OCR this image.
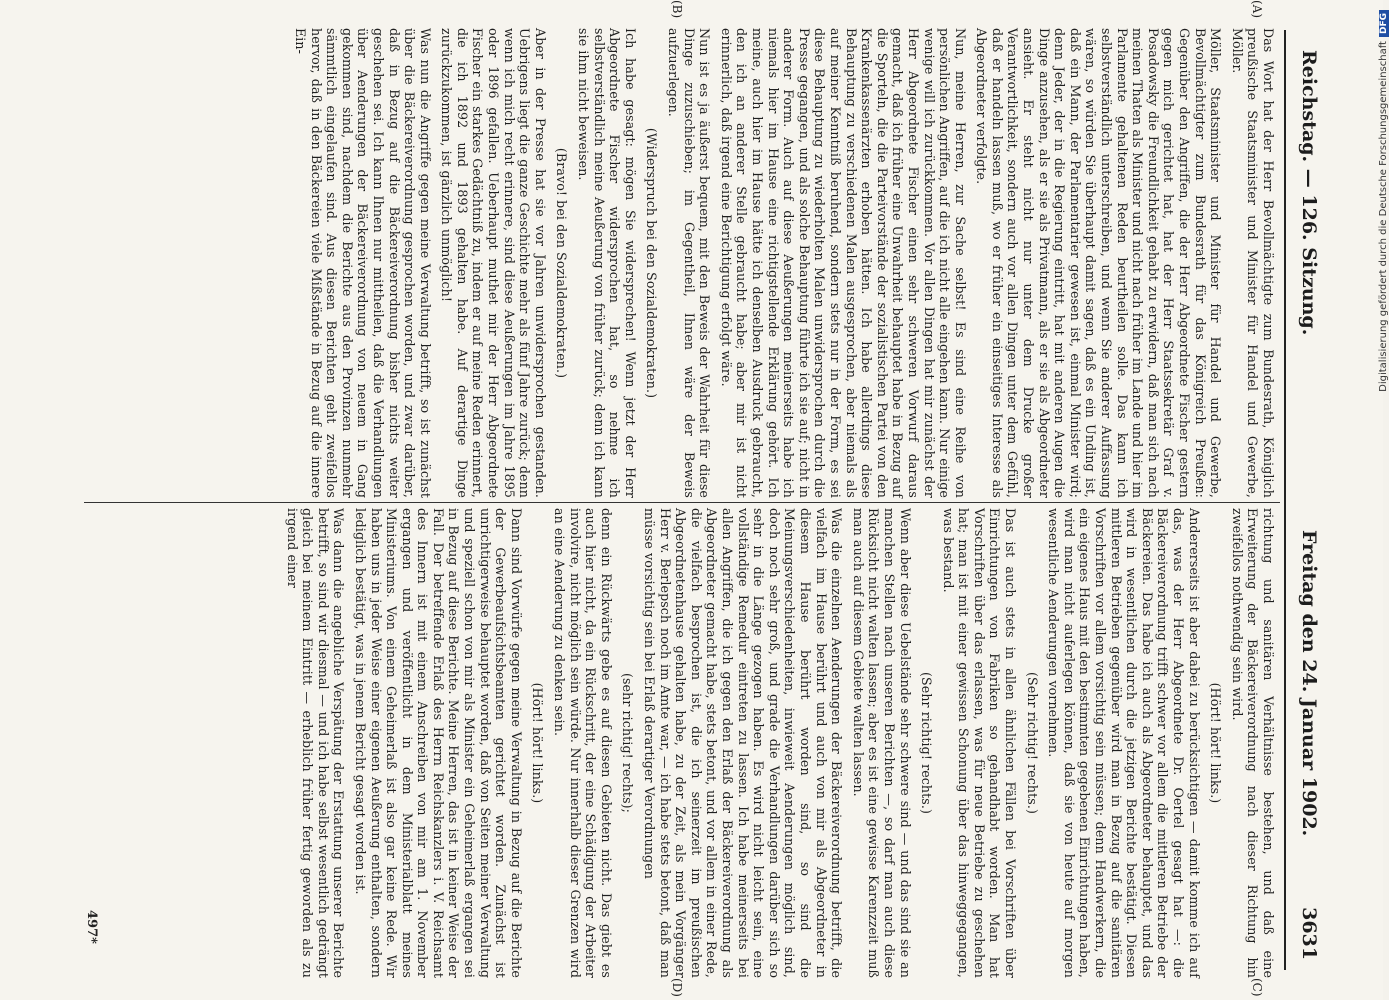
Reichstag. — 126. Sitzung.
Freitag den 24. Januar 1902.
3631

Das Wort hat der Herr Bevollmächtigte zum Bundesrath, Königlich preußische Staatsminister und Minister für Handel und Gewerbe, Möller.

Möller, Staatsminister und Minister für Handel und Gewerbe, Bevollmächtigter zum Bundesrath für das Königreich Preußen: Gegenüber den Angriffen, die der Herr Abgeordnete Fischer gestern gegen mich gerichtet hat, hat der Herr Staatssekretär Graf v. Posadowsky die Freundlichkeit gehabt zu erwidern, daß man sich nach meinen Thaten als Minister und nicht nach früher im Lande und hier im Parlamente gehaltenen Reden beurtheilen solle. Das kann ich selbstverständlich unterschreiben, und wenn Sie anderer Auffassung wären, so würden Sie überhaupt damit sagen, daß es ein Unding ist, daß ein Mann, der Parlamentarier gewesen ist, einmal Minister wird; denn Jeder, der in die Regierung eintritt, hat mit anderen Augen die Dinge anzusehen, als er sie als Privatmann, als er sie als Abgeordneter ansieht. Er steht nicht nur unter dem Drucke großer Verantwortlichkeit, sondern auch vor allen Dingen unter dem Gefühl, daß er handeln lassen muß, wo er früher ein einseitiges Interesse als Abgeordneter verfolgte.

Nun, meine Herren, zur Sache selbst! Es sind eine Reihe von persönlichen Angriffen, auf die ich nicht alle eingehen kann. Nur einige wenige will ich zurückkommen. Vor allen Dingen hat mir zunächst der Herr Abgeordnete Fischer einen sehr schweren Vorwurf daraus gemacht, daß ich früher eine Unwahrheit behauptet habe in Bezug auf die Sporteln, die die Parteivorstände der sozialistischen Partei von den Krankenkassenärzten erhoben hätten. Ich habe allerdings diese Behauptung zu verschiedenen Malen ausgesprochen, aber niemals als auf meiner Kenntniß beruhend, sondern stets nur in der Form, es sei diese Behauptung zu wiederholten Malen unwidersprochen durch die Presse gegangen, und als solche Behauptung führte ich sie auf; nicht in anderer Form. Auch auf diese Aeußerungen meinerseits habe ich niemals hier im Hause eine richtigstellende Erklärung gehört. Ich meine, auch hier im Hause hätte ich denselben Ausdruck gebraucht, den ich an anderer Stelle gebraucht habe; aber mir ist nicht erinnerlich, daß irgend eine Berichtigung erfolgt wäre.

Nun ist es ja äußerst bequem, mit den Beweis der Wahrheit für diese Dinge zuzuschieben; im Gegentheil, Ihnen wäre der Beweis aufzuerlegen.

(Widerspruch bei den Sozialdemokraten.)

Ich habe gesagt: mögen Sie widersprechen! Wenn jetzt der Herr Abgeordnete Fischer widersprochen hat, so nehme ich selbstverständlich meine Aeußerung von früher zurück; denn ich kann sie ihm nicht beweisen.

(Bravo! bei den Sozialdemokraten.)

Aber in der Presse hat sie vor Jahren unwidersprochen gestanden. Uebrigens liegt die ganze Geschichte mehr als fünf Jahre zurück; denn wenn ich mich recht erinnere, sind diese Aeußerungen im Jahre 1895 oder 1896 gefallen. Ueberhaupt muthet mir der Herr Abgeordnete Fischer ein starkes Gedächtniß zu, indem er auf meine Reden erinnert, die ich 1892 und 1893 gehalten habe. Auf derartige Dinge zurückzukommen, ist gänzlich unmöglich!

Was nun die Angriffe gegen meine Verwaltung betrifft, so ist zunächst über die Bäckereiverordnung gesprochen worden, und zwar darüber, daß in Bezug auf die Bäckereiverordnung bisher nichts weiter geschehen sei. Ich kann Ihnen nur mittheilen, daß die Verhandlungen über Aenderungen der Bäckereiverordnung von neuem in Gang gekommen sind, nachdem die Berichte aus den Provinzen nunmehr sämmtlich eingelaufen sind. Aus diesen Berichten geht zweifellos hervor, daß in den Bäckereien viele Mißstände in Bezug auf die innere Ein-

richtung und sanitären Verhältnisse bestehen, und daß eine Erweiterung der Bäckereiverordnung nach dieser Richtung hin zweifellos nothwendig sein wird.

(Hört! hört! links.)

Andererseits ist aber dabei zu berücksichtigen — damit komme ich auf das, was der Herr Abgeordnete Dr. Oertel gesagt hat —: die Bäckereiverordnung trifft schwer vor allem die mittleren Betriebe der Bäckereien. Das habe ich auch als Abgeordneter behauptet, und das wird in wesentlichen durch die jetzigen Berichte bestätigt. Diesen mittleren Betrieben gegenüber wird man in Bezug auf die sanitären Vorschriften vor allem vorsichtig sein müssen; denn Handwerkern, die ein eigenes Haus mit den bestimmten gegebenen Einrichtungen haben, wird man nicht auferlegen können, daß sie von heute auf morgen wesentliche Aenderungen vornehmen.

(Sehr richtig! rechts.)

Das ist auch stets in allen ähnlichen Fällen bei Vorschriften über Einrichtungen von Fabriken so gehandhabt worden. Man hat Vorschriften über das erlassen, was für neue Betriebe zu geschehen hat; man ist mit einer gewissen Schonung über das hinweggegangen, was bestand.

(Sehr richtig! rechts.)

Wenn aber diese Uebelstände sehr schwere sind — und das sind sie an manchen Stellen nach unseren Berichten —, so darf man auch diese Rücksicht nicht walten lassen; aber es ist eine gewisse Karenzzeit muß man auch auf diesem Gebiete walten lassen.

Was die einzelnen Aenderungen der Bäckereiverordnung betrifft, die vielfach im Hause berührt und auch von mir als Abgeordneter in diesem Hause berührt worden sind, so sind die Meinungsverschiedenheiten, inwieweit Aenderungen möglich sind, doch noch sehr groß, und grade die Verhandlungen darüber sich so sehr in die Länge gezogen haben. Es wird nicht leicht sein, eine vollständige Remedur eintreten zu lassen. Ich habe meinerseits bei allen Angriffen, die ich gegen den Erlaß der Bäckereiverordnung als Abgeordneter gemacht habe, stets betont, und vor allem in einer Rede, die vielfach besprochen ist, die ich seinerzeit im preußischen Abgeordnetenhause gehalten habe, zu der Zeit, als mein Vorgänger Herr v. Berlepsch noch im Amte war, — ich habe stets betont, daß man müsse vorsichtig sein bei Erlaß derartiger Verordnungen

(sehr richtig! rechts);

denn ein Rückwärts gebe es auf diesen Gebieten nicht. Das giebt es auch hier nicht, da ein Rückschritt, der eine Schädigung der Arbeiter involvire, nicht möglich sein würde. Nur innerhalb dieser Grenzen wird an eine Aenderung zu denken sein.

(Hört! hört! links.)

Dann sind Vorwürfe gegen meine Verwaltung in Bezug auf die Berichte der Gewerbeaufsichtsbeamten gerichtet worden. Zunächst ist unrichtigerweise behauptet worden, daß von Seiten meiner Verwaltung und speziell schon von mir als Minister ein Geheimerlaß ergangen sei in Bezug auf diese Berichte. Meine Herren, das ist in keiner Weise der Fall. Der betreffende Erlaß des Herrn Reichskanzlers i. V. Reichsamt des Innern ist mit einem Anschreiben von mir am 1. November ergangen und veröffentlicht in dem Ministerialblatt meines Ministeriums. Von einem Geheimerlaß ist also gar keine Rede. Wir haben uns in jeder Weise einer eigenen Aeußerung enthalten, sondern lediglich bestätigt, was in jenem Bericht gesagt worden ist.

Was dann die angebliche Verspätung der Erstattung unserer Berichte betrifft, so sind wir diesmal — und ich habe selbst wesentlich gedrängt gleich bei meinem Eintritt — erheblich früher fertig geworden als zu irgend einer

(A)
(B)
(C)
(D)
497*
Digitalisierung gefördert durch die Deutsche ForschungsgemeinschaftDFG
